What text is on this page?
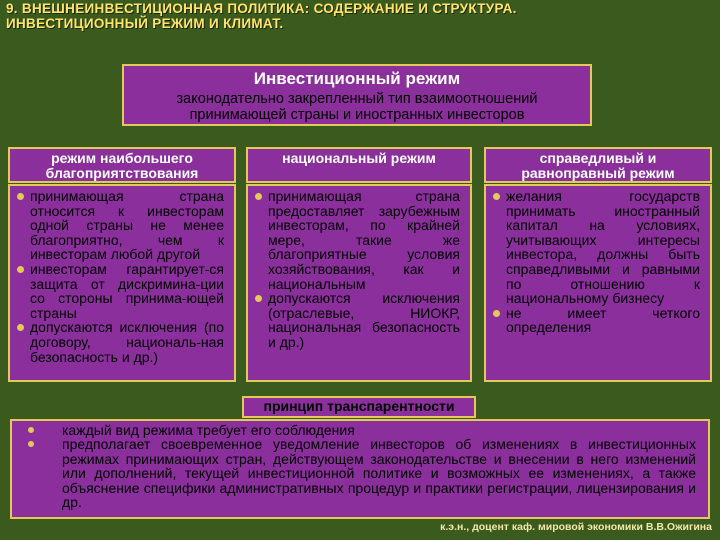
9. ВНЕШНЕИНВЕСТИЦИОННАЯ ПОЛИТИКА: СОДЕРЖАНИЕ И СТРУКТУРА.
ИНВЕСТИЦИОННЫЙ РЕЖИМ И КЛИМАТ.
Инвестиционный режим
законодательно закрепленный тип взаимоотношений
принимающей страны и иностранных инвесторов
режим наибольшего
благоприятствования
принимающая страна относится к инвесторам одной страны не менее благоприятно, чем к инвесторам любой другой
инвесторам гарантирует-ся защита от дискримина-ции со стороны принима-ющей страны
допускаются исключения (по договору, националь-ная безопасность и др.)
национальный режим
принимающая страна предоставляет зарубежным инвесторам, по крайней мере, такие же благоприятные условия хозяйствования, как и национальным
допускаются исключения (отраслевые, НИОКР, национальная безопасность и др.)
справедливый и
равноправный режим
желания государств принимать иностранный капитал на условиях, учитывающих интересы инвестора, должны быть справедливыми и равными по отношению к национальному бизнесу
не имеет четкого определения
принцип транспарентности
каждый вид режима требует его соблюдения
предполагает своевременное уведомление инвесторов об изменениях в инвестиционных режимах принимающих стран, действующем законодательстве и внесении в него изменений или дополнений, текущей инвестиционной политике и возможных ее изменениях, а также объяснение специфики административных процедур и практики регистрации, лицензирования и др.
к.э.н., доцент каф. мировой экономики В.В.Ожигина
